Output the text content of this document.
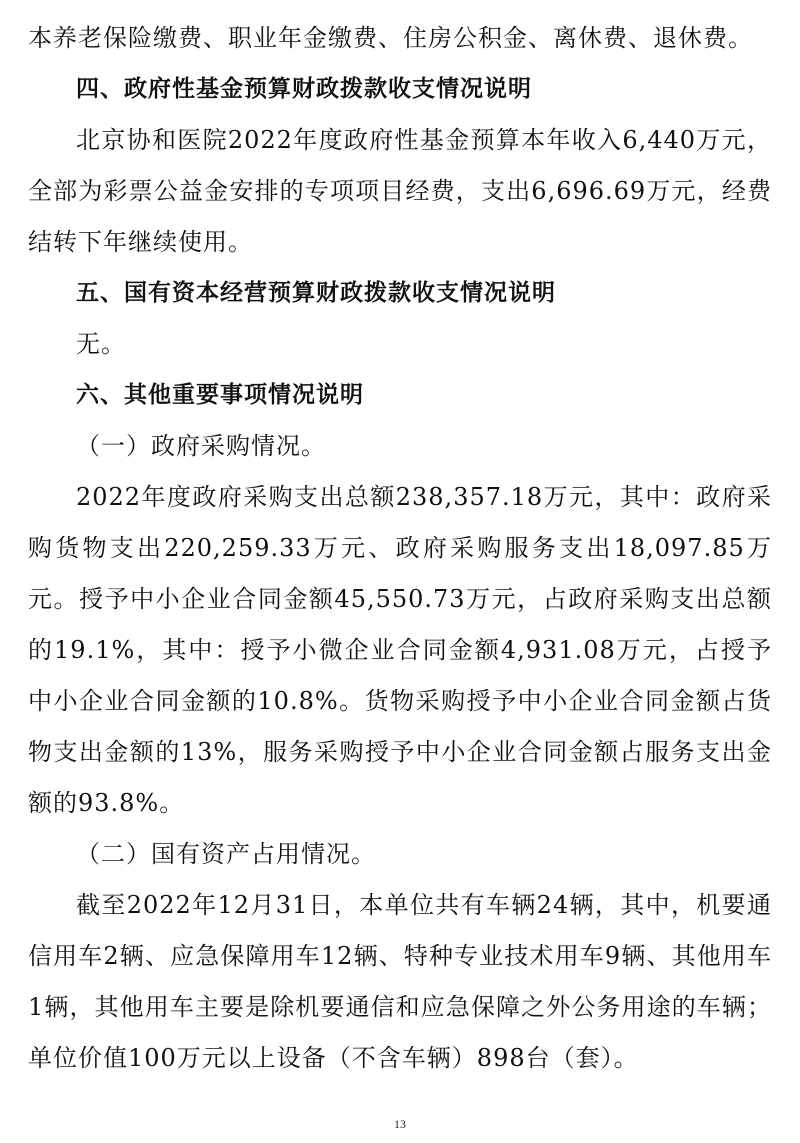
本养老保险缴费、职业年金缴费、住房公积金、离休费、退休费。

四、政府性基金预算财政拨款收支情况说明

北京协和医院2022年度政府性基金预算本年收入6,440万元，全部为彩票公益金安排的专项项目经费，支出6,696.69万元，经费结转下年继续使用。

五、国有资本经营预算财政拨款收支情况说明

无。

六、其他重要事项情况说明

（一）政府采购情况。

2022年度政府采购支出总额238,357.18万元，其中：政府采购货物支出220,259.33万元、政府采购服务支出18,097.85万元。授予中小企业合同金额45,550.73万元，占政府采购支出总额的19.1%，其中：授予小微企业合同金额4,931.08万元，占授予中小企业合同金额的10.8%。货物采购授予中小企业合同金额占货物支出金额的13%，服务采购授予中小企业合同金额占服务支出金额的93.8%。

（二）国有资产占用情况。

截至2022年12月31日，本单位共有车辆24辆，其中，机要通信用车2辆、应急保障用车12辆、特种专业技术用车9辆、其他用车1辆，其他用车主要是除机要通信和应急保障之外公务用途的车辆；单位价值100万元以上设备（不含车辆）898台（套）。

13
